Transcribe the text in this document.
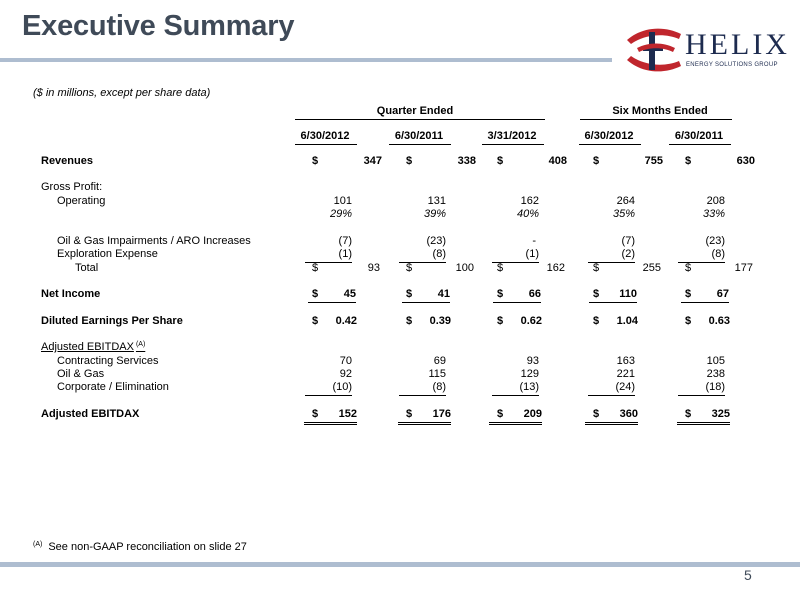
Executive Summary
HELIX
ENERGY SOLUTIONS GROUP
($ in millions, except per share data)
Quarter Ended	Six Months Ended
6/30/2012	6/30/2011	3/31/2012	6/30/2012	6/30/2011
Revenues	$	347 $	338 $	408 $	755 $	630
Gross Profit:
Operating	101	131	162	264	208
29%	39%	40%	35%	33%
Oil & Gas Impairments / ARO Increases	(7)	(23)	-	(7)	(23)
Exploration Expense	(1)	(8)	(1)	(2)	(8)
Total	$	93 $	100 $	162	$	255 $	177
Net Income	$ 45	$ 41	$ 66	$ 110	$ 67
Diluted Earnings Per Share	$ 0.42	$ 0.39	$ 0.62	$ 1.04	$ 0.63
Adjusted EBITDAX $^{(A)}$
Contracting Services	70	69	93	163	105
Oil & Gas	92	115	129	221	238
Corporate / Elimination	(10)	(8)	(13)	(24)	(18)
Adjusted EBITDAX	$ 152	$ 176	$ 209	$ 360	$ 325
$^{(A)}$ See non-GAAP reconciliation on slide 27
5
